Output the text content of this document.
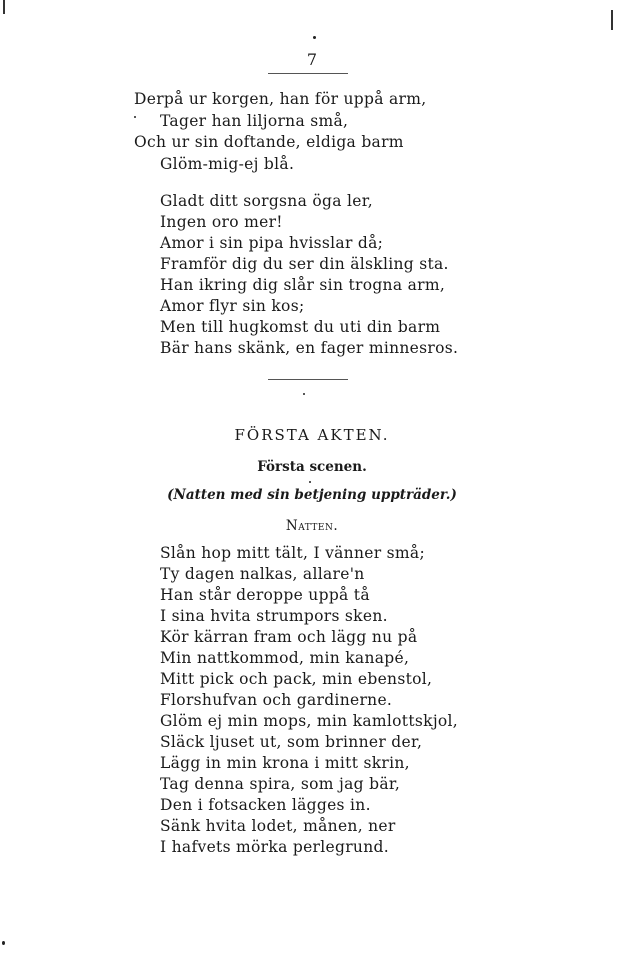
7
Derpå ur korgen, han för uppå arm,
Tager han liljorna små,
Och ur sin doftande, eldiga barm
Glöm-mig-ej blå.
Gladt ditt sorgsna öga ler,
Ingen oro mer!
Amor i sin pipa hvisslar då;
Framför dig du ser din älskling sta.
Han ikring dig slår sin trogna arm,
Amor flyr sin kos;
Men till hugkomst du uti din barm
Bär hans skänk, en fager minnesros.
FÖRSTA AKTEN.
Första scenen.
(Natten med sin betjening uppträder.)
Natten.
Slån hop mitt tält, I vänner små;
Ty dagen nalkas, allare'n
Han står deroppe uppå tå
I sina hvita strumpors sken.
Kör kärran fram och lägg nu på
Min nattkommod, min kanapé,
Mitt pick och pack, min ebenstol,
Florshufvan och gardinerne.
Glöm ej min mops, min kamlottskjol,
Släck ljuset ut, som brinner der,
Lägg in min krona i mitt skrin,
Tag denna spira, som jag bär,
Den i fotsacken lägges in.
Sänk hvita lodet, månen, ner
I hafvets mörka perlegrund.
